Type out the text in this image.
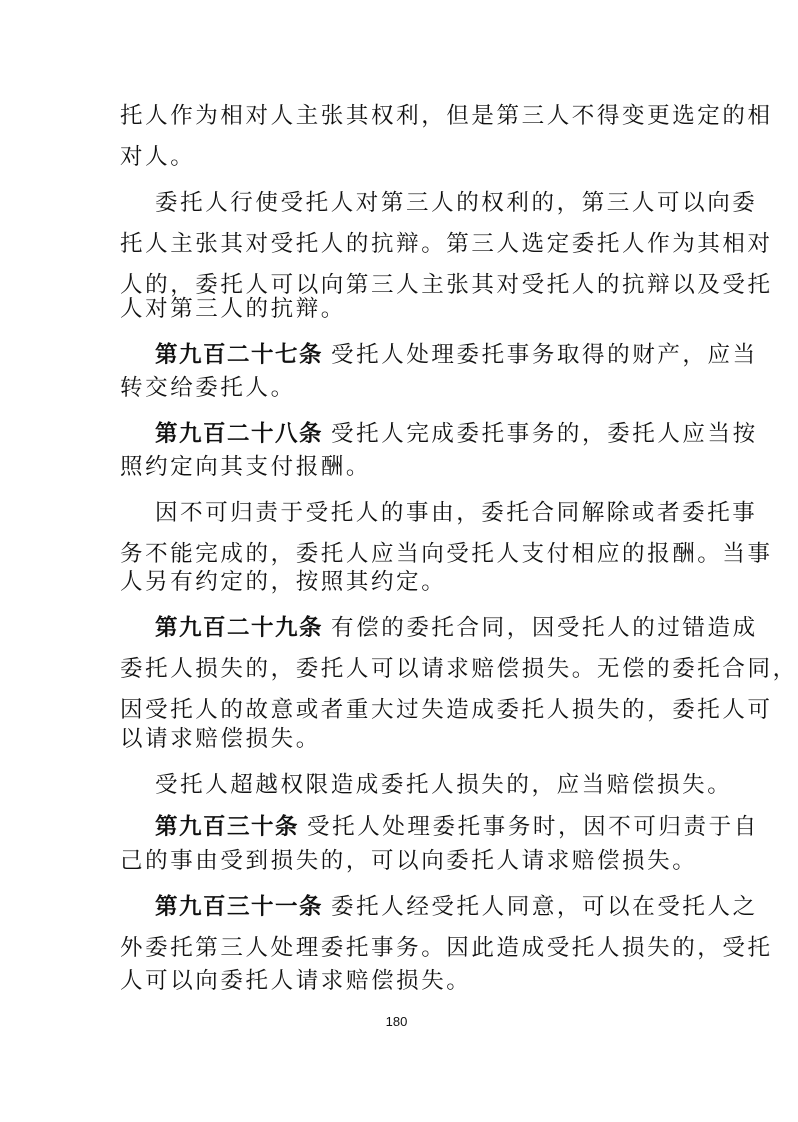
托人作为相对人主张其权利，但是第三人不得变更选定的相
对人。
委托人行使受托人对第三人的权利的，第三人可以向委
托人主张其对受托人的抗辩。第三人选定委托人作为其相对
人的，委托人可以向第三人主张其对受托人的抗辩以及受托
人对第三人的抗辩。
第九百二十七条 受托人处理委托事务取得的财产，应当
转交给委托人。
第九百二十八条 受托人完成委托事务的，委托人应当按
照约定向其支付报酬。
因不可归责于受托人的事由，委托合同解除或者委托事
务不能完成的，委托人应当向受托人支付相应的报酬。当事
人另有约定的，按照其约定。
第九百二十九条 有偿的委托合同，因受托人的过错造成
委托人损失的，委托人可以请求赔偿损失。无偿的委托合同，
因受托人的故意或者重大过失造成委托人损失的，委托人可
以请求赔偿损失。
受托人超越权限造成委托人损失的，应当赔偿损失。
第九百三十条 受托人处理委托事务时，因不可归责于自
己的事由受到损失的，可以向委托人请求赔偿损失。
第九百三十一条 委托人经受托人同意，可以在受托人之
外委托第三人处理委托事务。因此造成受托人损失的，受托
人可以向委托人请求赔偿损失。
180
